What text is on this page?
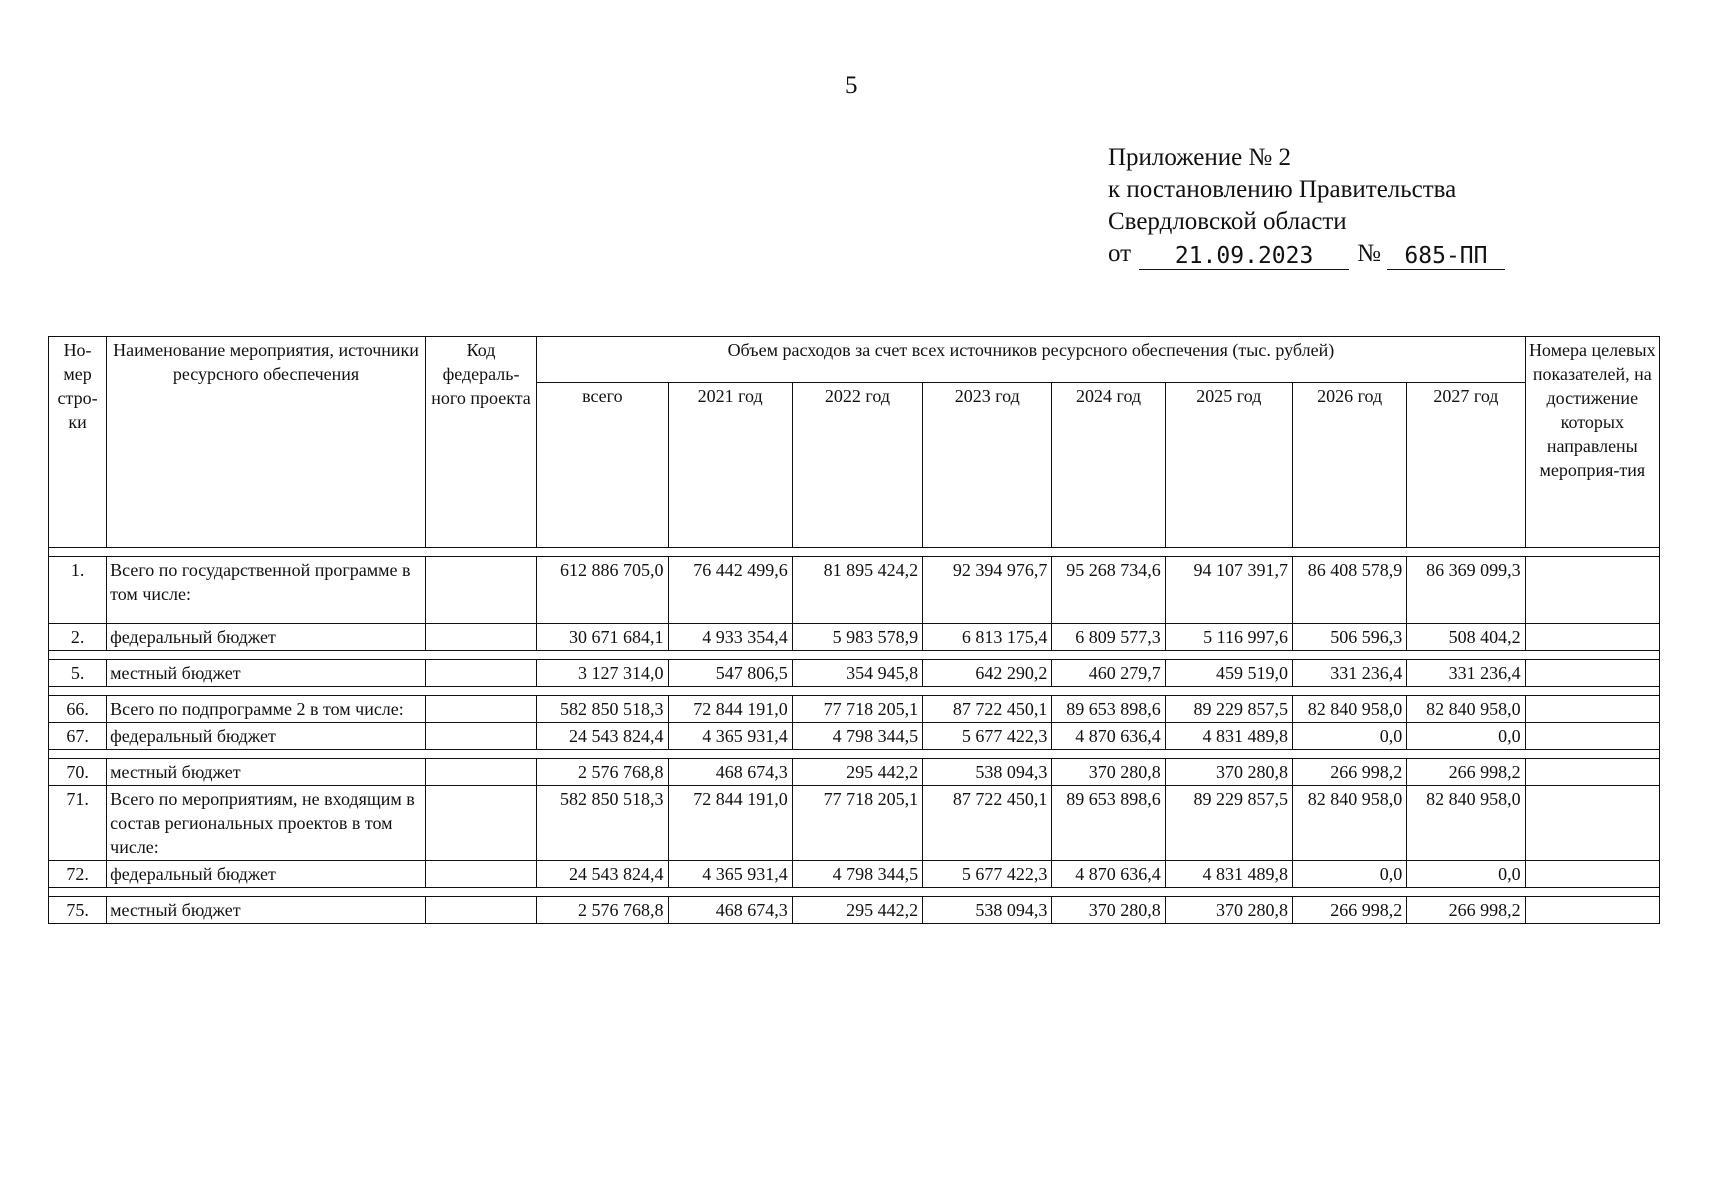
5
Приложение № 2
к постановлению Правительства
Свердловской области
от	21.09.2023	№	685-ПП
Но-мер стро-ки	Наименование мероприятия, источники ресурсного обеспечения	Код федераль-ного проекта	Объем расходов за счет всех источников ресурсного обеспечения (тыс. рублей)								Номера целевых показателей, на достижение которых направлены мероприя-тия
			всего	2021 год	2022 год	2023 год	2024 год	2025 год	2026 год	2027 год	

1.	Всего по государственной программе в том числе:		612 886 705,0	76 442 499,6	81 895 424,2	92 394 976,7	95 268 734,6	94 107 391,7	86 408 578,9	86 369 099,3	
2.	федеральный бюджет		30 671 684,1	4 933 354,4	5 983 578,9	6 813 175,4	6 809 577,3	5 116 997,6	506 596,3	508 404,2	

5.	местный бюджет		3 127 314,0	547 806,5	354 945,8	642 290,2	460 279,7	459 519,0	331 236,4	331 236,4	

66.	Всего по подпрограмме 2 в том числе:		582 850 518,3	72 844 191,0	77 718 205,1	87 722 450,1	89 653 898,6	89 229 857,5	82 840 958,0	82 840 958,0	
67.	федеральный бюджет		24 543 824,4	4 365 931,4	4 798 344,5	5 677 422,3	4 870 636,4	4 831 489,8	0,0	0,0	

70.	местный бюджет		2 576 768,8	468 674,3	295 442,2	538 094,3	370 280,8	370 280,8	266 998,2	266 998,2	
71.	Всего по мероприятиям, не входящим в состав региональных проектов в том числе:		582 850 518,3	72 844 191,0	77 718 205,1	87 722 450,1	89 653 898,6	89 229 857,5	82 840 958,0	82 840 958,0	
72.	федеральный бюджет		24 543 824,4	4 365 931,4	4 798 344,5	5 677 422,3	4 870 636,4	4 831 489,8	0,0	0,0	

75.	местный бюджет		2 576 768,8	468 674,3	295 442,2	538 094,3	370 280,8	370 280,8	266 998,2	266 998,2	
